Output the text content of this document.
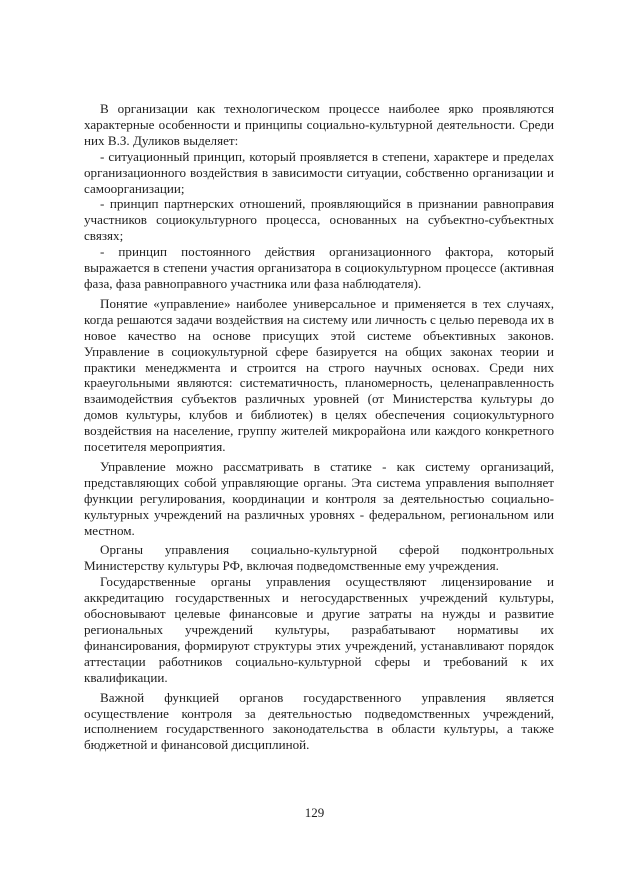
В организации как технологическом процессе наиболее ярко проявляются характерные особенности и принципы социально-культурной деятельности. Среди них В.З. Дуликов выделяет:

- ситуационный принцип, который проявляется в степени, характере и пределах организационного воздействия в зависимости ситуации, собственно организации и самоорганизации;

- принцип партнерских отношений, проявляющийся в признании равноправия участников социокультурного процесса, основанных на субъектно-субъектных связях;

- принцип постоянного действия организационного фактора, который выражается в степени участия организатора в социокультурном процессе (активная фаза, фаза равноправного участника или фаза наблюдателя).

Понятие «управление» наиболее универсальное и применяется в тех случаях, когда решаются задачи воздействия на систему или личность с целью перевода их в новое качество на основе присущих этой системе объективных законов. Управление в социокультурной сфере базируется на общих законах теории и практики менеджмента и строится на строго научных основах. Среди них краеугольными являются: систематичность, планомерность, целенаправленность взаимодействия субъектов различных уровней (от Министерства культуры до домов культуры, клубов и библиотек) в целях обеспечения социокультурного воздействия на население, группу жителей микрорайона или каждого конкретного посетителя мероприятия.

Управление можно рассматривать в статике - как систему организаций, представляющих собой управляющие органы. Эта система управления выполняет функции регулирования, координации и контроля за деятельностью социально-культурных учреждений на различных уровнях - федеральном, региональном или местном.

Органы управления социально-культурной сферой подконтрольных Министерству культуры РФ, включая подведомственные ему учреждения.

Государственные органы управления осуществляют лицензирование и аккредитацию государственных и негосударственных учреждений культуры, обосновывают целевые финансовые и другие затраты на нужды и развитие региональных учреждений культуры, разрабатывают нормативы их финансирования, формируют структуры этих учреждений, устанавливают порядок аттестации работников социально-культурной сферы и требований к их квалификации.

Важной функцией органов государственного управления является осуществление контроля за деятельностью подведомственных учреждений, исполнением государственного законодательства в области культуры, а также бюджетной и финансовой дисциплиной.

129
